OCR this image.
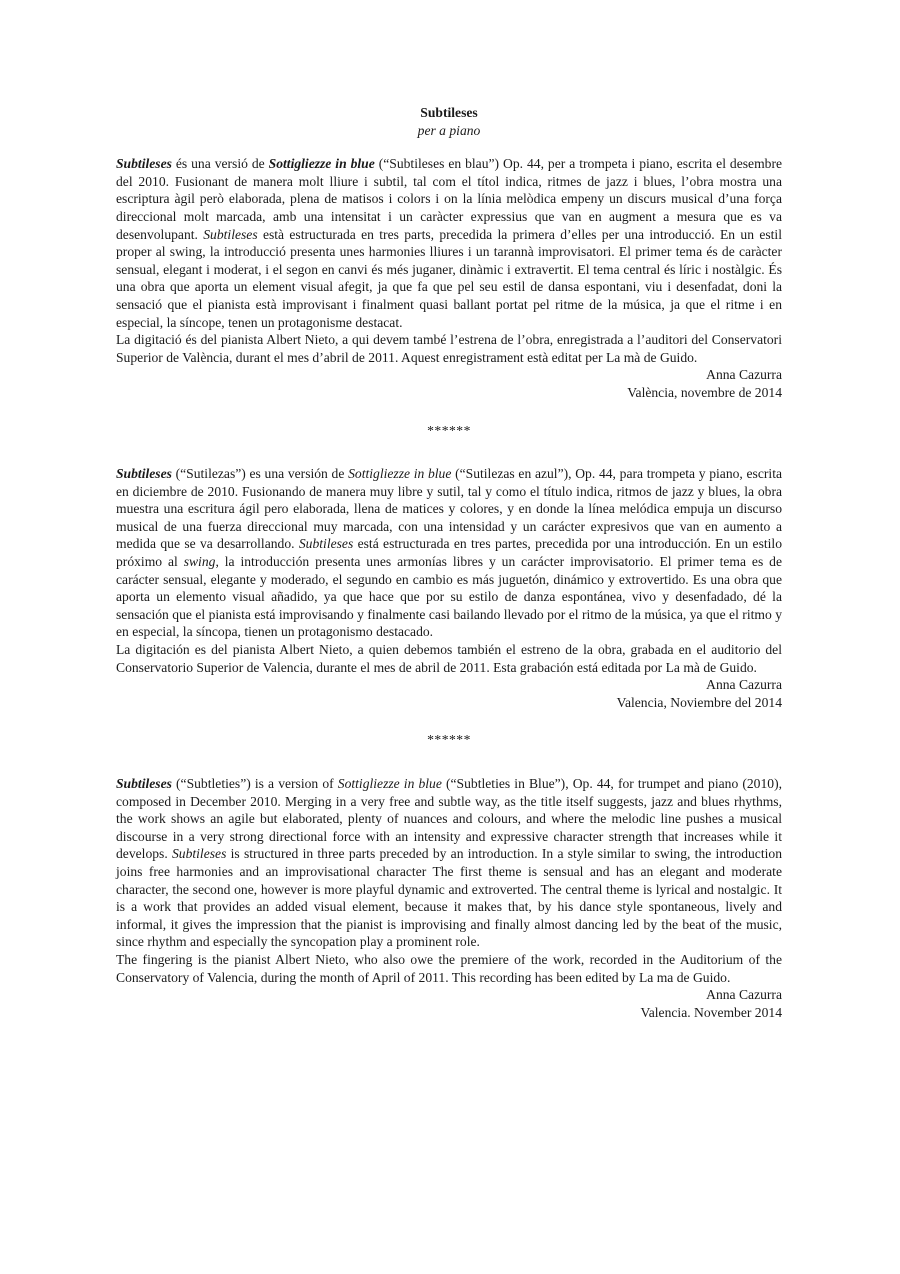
Subtileses

per a piano

Subtileses és una versió de Sottigliezze in blue (“Subtileses en blau”) Op. 44, per a trompeta i piano, escrita el desembre del 2010. Fusionant de manera molt lliure i subtil, tal com el títol indica, ritmes de jazz i blues, l’obra mostra una escriptura àgil però elaborada, plena de matisos i colors i on la línia melòdica empeny un discurs musical d’una força direccional molt marcada, amb una intensitat i un caràcter expressius que van en augment a mesura que es va desenvolupant. Subtileses està estructurada en tres parts, precedida la primera d’elles per una introducció. En un estil proper al swing, la introducció presenta unes harmonies lliures i un tarannà improvisatori. El primer tema és de caràcter sensual, elegant i moderat, i el segon en canvi és més juganer, dinàmic i extravertit. El tema central és líric i nostàlgic. És una obra que aporta un element visual afegit, ja que fa que pel seu estil de dansa espontani, viu i desenfadat, doni la sensació que el pianista està improvisant i finalment quasi ballant portat pel ritme de la música, ja que el ritme i en especial, la síncope, tenen un protagonisme destacat.

La digitació és del pianista Albert Nieto, a qui devem també l’estrena de l’obra, enregistrada a l’auditori del Conservatori Superior de València, durant el mes d’abril de 2011. Aquest enregistrament està editat per La mà de Guido.

Anna Cazurra

València, novembre de 2014

******

Subtileses (“Sutilezas”) es una versión de Sottigliezze in blue (“Sutilezas en azul”), Op. 44, para trompeta y piano, escrita en diciembre de 2010. Fusionando de manera muy libre y sutil, tal y como el título indica, ritmos de jazz y blues, la obra muestra una escritura ágil pero elaborada, llena de matices y colores, y en donde la línea melódica empuja un discurso musical de una fuerza direccional muy marcada, con una intensidad y un carácter expresivos que van en aumento a medida que se va desarrollando. Subtileses está estructurada en tres partes, precedida por una introducción. En un estilo próximo al swing, la introducción presenta unes armonías libres y un carácter improvisatorio. El primer tema es de carácter sensual, elegante y moderado, el segundo en cambio es más juguetón, dinámico y extrovertido. Es una obra que aporta un elemento visual añadido, ya que hace que por su estilo de danza espontánea, vivo y desenfadado, dé la sensación que el pianista está improvisando y finalmente casi bailando llevado por el ritmo de la música, ya que el ritmo y en especial, la síncopa, tienen un protagonismo destacado.

La digitación es del pianista Albert Nieto, a quien debemos también el estreno de la obra, grabada en el auditorio del Conservatorio Superior de Valencia, durante el mes de abril de 2011. Esta grabación está editada por La mà de Guido.

Anna Cazurra

Valencia, Noviembre del 2014

******

Subtileses (“Subtleties”) is a version of Sottigliezze in blue (“Subtleties in Blue”), Op. 44, for trumpet and piano (2010), composed in December 2010. Merging in a very free and subtle way, as the title itself suggests, jazz and blues rhythms, the work shows an agile but elaborated, plenty of nuances and colours, and where the melodic line pushes a musical discourse in a very strong directional force with an intensity and expressive character strength that increases while it develops. Subtileses is structured in three parts preceded by an introduction. In a style similar to swing, the introduction joins free harmonies and an improvisational character The first theme is sensual and has an elegant and moderate character, the second one, however is more playful dynamic and extroverted. The central theme is lyrical and nostalgic. It is a work that provides an added visual element, because it makes that, by his dance style spontaneous, lively and informal, it gives the impression that the pianist is improvising and finally almost dancing led by the beat of the music, since rhythm and especially the syncopation play a prominent role.

The fingering is the pianist Albert Nieto, who also owe the premiere of the work, recorded in the Auditorium of the Conservatory of Valencia, during the month of April of 2011. This recording has been edited by La ma de Guido.

Anna Cazurra

Valencia. November 2014
